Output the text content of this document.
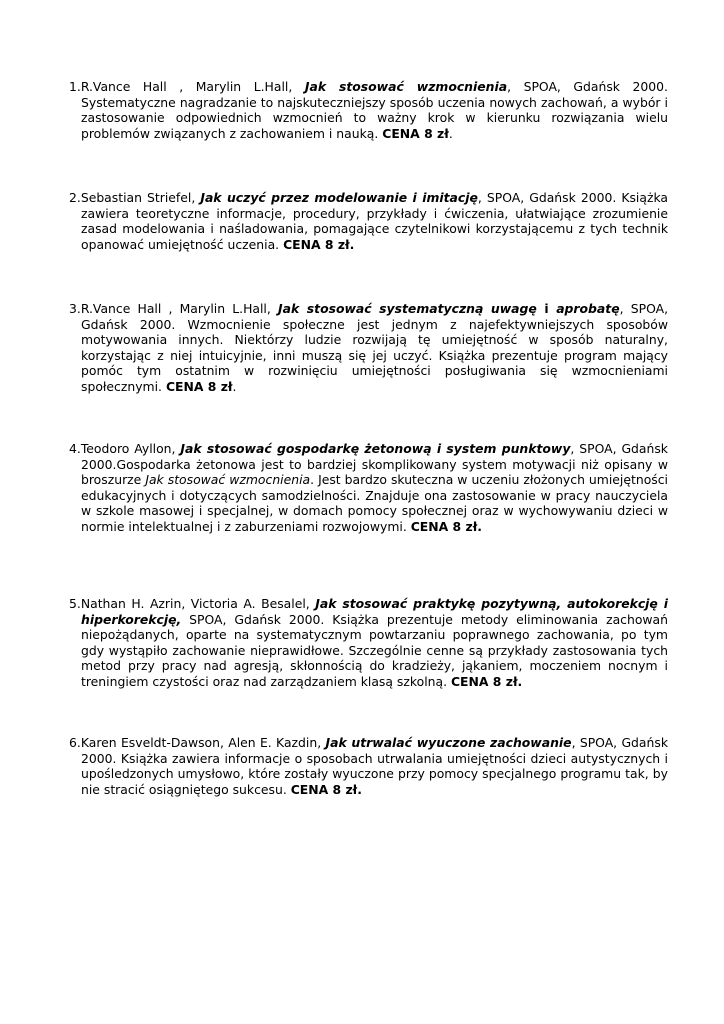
1.R.Vance Hall , Marylin L.Hall, Jak stosować wzmocnienia, SPOA, Gdańsk 2000. Systematyczne nagradzanie to najskuteczniejszy sposób uczenia nowych zachowań, a wybór i zastosowanie odpowiednich wzmocnień to ważny krok w kierunku rozwiązania wielu problemów związanych z zachowaniem i nauką. CENA 8 zł.

2.Sebastian Striefel, Jak uczyć przez modelowanie i imitację, SPOA, Gdańsk 2000. Książka zawiera teoretyczne informacje, procedury, przykłady i ćwiczenia, ułatwiające zrozumienie zasad modelowania i naśladowania, pomagające czytelnikowi korzystającemu z tych technik opanować umiejętność uczenia. CENA 8 zł.

3.R.Vance Hall , Marylin L.Hall, Jak stosować systematyczną uwagę i aprobatę, SPOA, Gdańsk 2000. Wzmocnienie społeczne jest jednym z najefektywniejszych sposobów motywowania innych. Niektórzy ludzie rozwijają tę umiejętność w sposób naturalny, korzystając z niej intuicyjnie, inni muszą się jej uczyć. Książka prezentuje program mający pomóc tym ostatnim w rozwinięciu umiejętności posługiwania się wzmocnieniami społecznymi. CENA 8 zł.

4.Teodoro Ayllon, Jak stosować gospodarkę żetonową i system punktowy, SPOA, Gdańsk 2000.Gospodarka żetonowa jest to bardziej skomplikowany system motywacji niż opisany w broszurze Jak stosować wzmocnienia. Jest bardzo skuteczna w uczeniu złożonych umiejętności edukacyjnych i dotyczących samodzielności. Znajduje ona zastosowanie w pracy nauczyciela w szkole masowej i specjalnej, w domach pomocy społecznej oraz w wychowywaniu dzieci w normie intelektualnej i z zaburzeniami rozwojowymi. CENA 8 zł.

5.Nathan H. Azrin, Victoria A. Besalel, Jak stosować praktykę pozytywną, autokorekcję i hiperkorekcję, SPOA, Gdańsk 2000. Książka prezentuje metody eliminowania zachowań niepożądanych, oparte na systematycznym powtarzaniu poprawnego zachowania, po tym gdy wystąpiło zachowanie nieprawidłowe. Szczególnie cenne są przykłady zastosowania tych metod przy pracy nad agresją, skłonnością do kradzieży, jąkaniem, moczeniem nocnym i treningiem czystości oraz nad zarządzaniem klasą szkolną. CENA 8 zł.

6.Karen Esveldt-Dawson, Alen E. Kazdin, Jak utrwalać wyuczone zachowanie, SPOA, Gdańsk 2000. Książka zawiera informacje o sposobach utrwalania umiejętności dzieci autystycznych i upośledzonych umysłowo, które zostały wyuczone przy pomocy specjalnego programu tak, by nie stracić osiągniętego sukcesu. CENA 8 zł.
